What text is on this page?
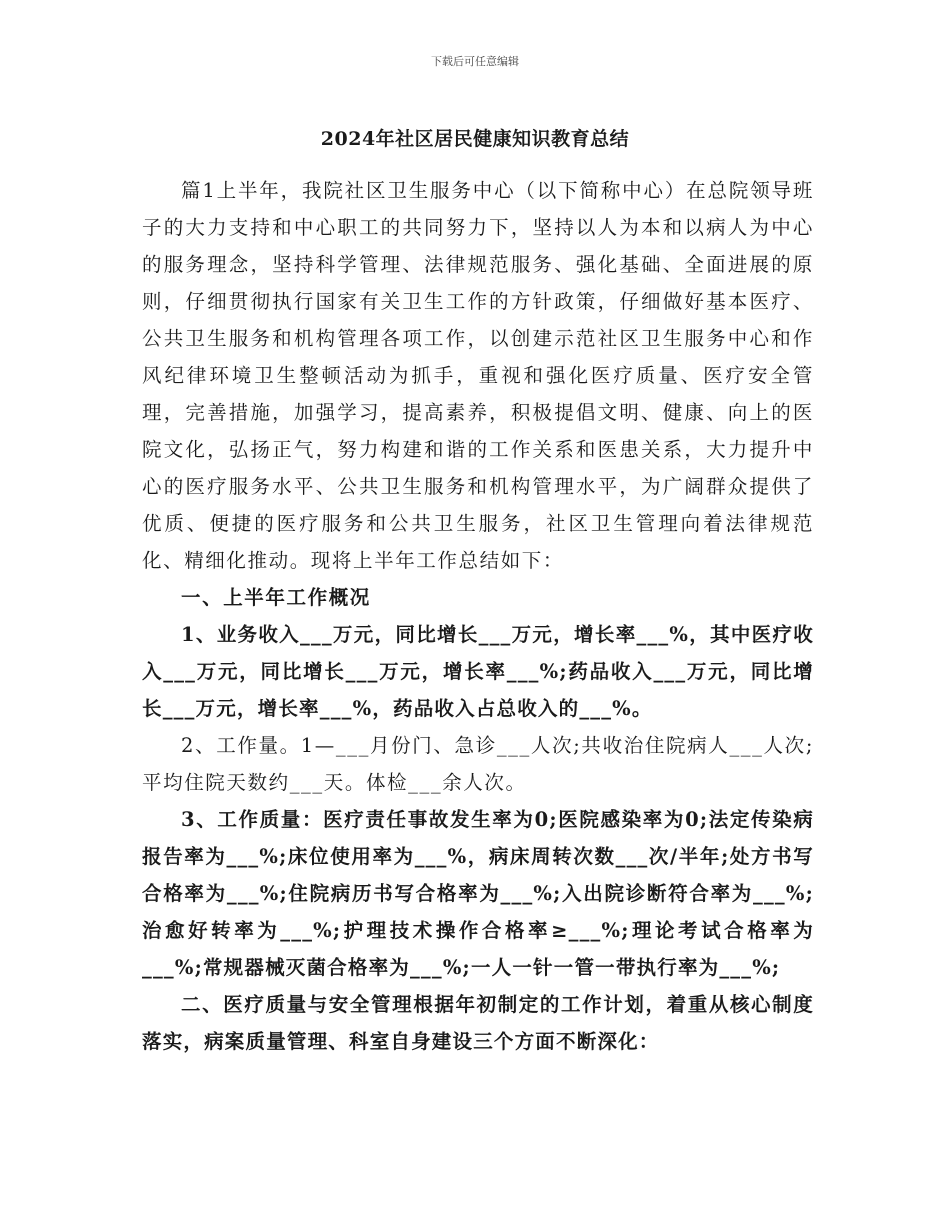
下载后可任意编辑
2024年社区居民健康知识教育总结

篇1上半年，我院社区卫生服务中心（以下简称中心）在总院领导班子的大力支持和中心职工的共同努力下，坚持以人为本和以病人为中心的服务理念，坚持科学管理、法律规范服务、强化基础、全面进展的原则，仔细贯彻执行国家有关卫生工作的方针政策，仔细做好基本医疗、公共卫生服务和机构管理各项工作，以创建示范社区卫生服务中心和作风纪律环境卫生整顿活动为抓手，重视和强化医疗质量、医疗安全管理，完善措施，加强学习，提高素养，积极提倡文明、健康、向上的医院文化，弘扬正气，努力构建和谐的工作关系和医患关系，大力提升中心的医疗服务水平、公共卫生服务和机构管理水平，为广阔群众提供了优质、便捷的医疗服务和公共卫生服务，社区卫生管理向着法律规范化、精细化推动。现将上半年工作总结如下：

一、上半年工作概况

1、业务收入___万元，同比增长___万元，增长率___%，其中医疗收入___万元，同比增长___万元，增长率___%;药品收入___万元，同比增长___万元，增长率___%，药品收入占总收入的___%。

2、工作量。1—___月份门、急诊___人次;共收治住院病人___人次;平均住院天数约___天。体检___余人次。

3、工作质量：医疗责任事故发生率为0;医院感染率为0;法定传染病报告率为___%;床位使用率为___%，病床周转次数___次/半年;处方书写合格率为___%;住院病历书写合格率为___%;入出院诊断符合率为___%;治愈好转率为___%;护理技术操作合格率≥___%;理论考试合格率为___%;常规器械灭菌合格率为___%;一人一针一管一带执行率为___%;

二、医疗质量与安全管理根据年初制定的工作计划，着重从核心制度落实，病案质量管理、科室自身建设三个方面不断深化：
